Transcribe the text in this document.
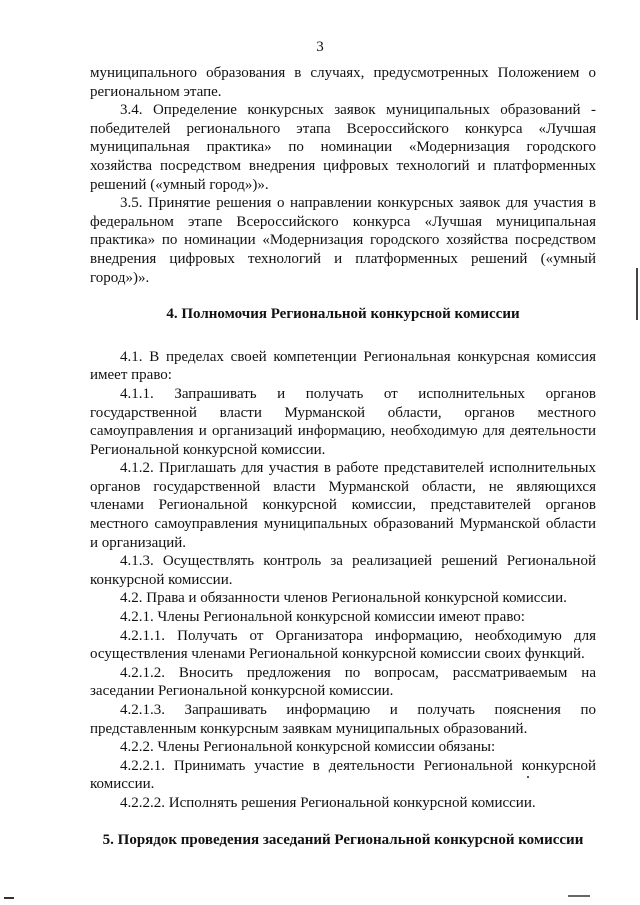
3

муниципального образования в случаях, предусмотренных Положением о региональном этапе.

3.4. Определение конкурсных заявок муниципальных образований - победителей регионального этапа Всероссийского конкурса «Лучшая муниципальная практика» по номинации «Модернизация городского хозяйства посредством внедрения цифровых технологий и платформенных решений («умный город»)».

3.5. Принятие решения о направлении конкурсных заявок для участия в федеральном этапе Всероссийского конкурса «Лучшая муниципальная практика» по номинации «Модернизация городского хозяйства посредством внедрения цифровых технологий и платформенных решений («умный город»)».

4. Полномочия Региональной конкурсной комиссии

4.1. В пределах своей компетенции Региональная конкурсная комиссия имеет право:

4.1.1. Запрашивать и получать от исполнительных органов государственной власти Мурманской области, органов местного самоуправления и организаций информацию, необходимую для деятельности Региональной конкурсной комиссии.

4.1.2. Приглашать для участия в работе представителей исполнительных органов государственной власти Мурманской области, не являющихся членами Региональной конкурсной комиссии, представителей органов местного самоуправления муниципальных образований Мурманской области и организаций.

4.1.3. Осуществлять контроль за реализацией решений Региональной конкурсной комиссии.

4.2. Права и обязанности членов Региональной конкурсной комиссии.

4.2.1. Члены Региональной конкурсной комиссии имеют право:

4.2.1.1. Получать от Организатора информацию, необходимую для осуществления членами Региональной конкурсной комиссии своих функций.

4.2.1.2. Вносить предложения по вопросам, рассматриваемым на заседании Региональной конкурсной комиссии.

4.2.1.3. Запрашивать информацию и получать пояснения по представленным конкурсным заявкам муниципальных образований.

4.2.2. Члены Региональной конкурсной комиссии обязаны:

4.2.2.1. Принимать участие в деятельности Региональной конкурсной комиссии.

4.2.2.2. Исполнять решения Региональной конкурсной комиссии.

5. Порядок проведения заседаний Региональной конкурсной комиссии
